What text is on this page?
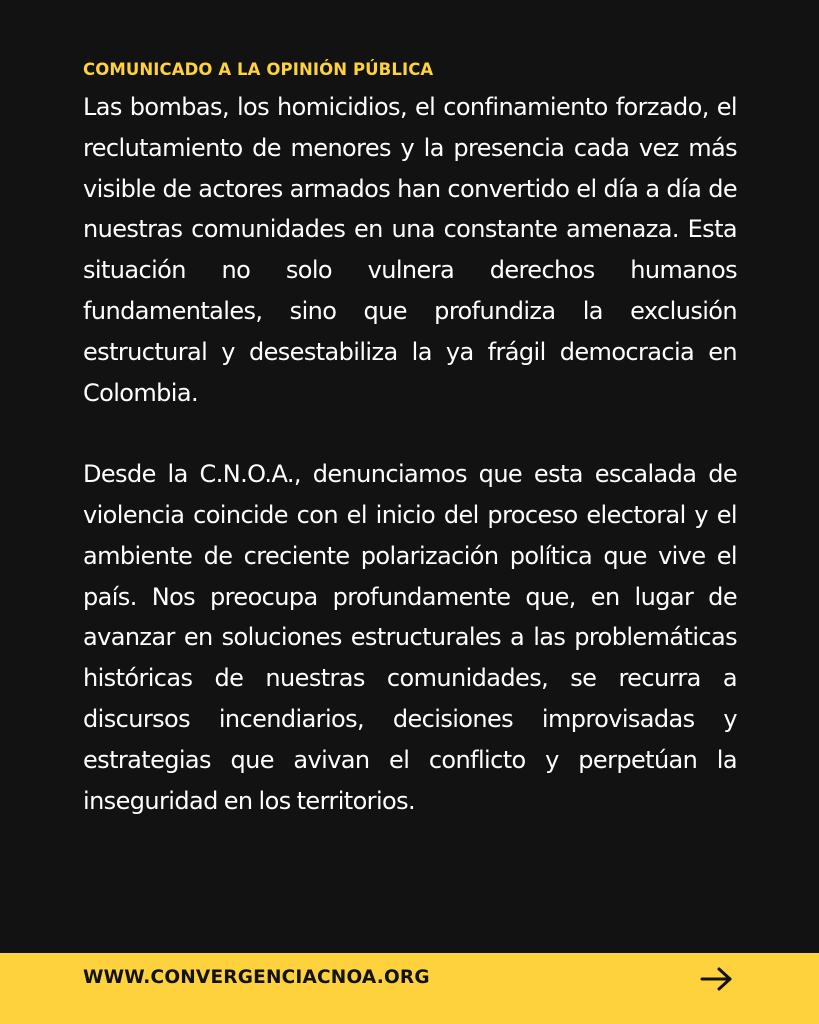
COMUNICADO A LA OPINIÓN PÚBLICA

Las bombas, los homicidios, el confinamiento forzado, el reclutamiento de menores y la presencia cada vez más visible de actores armados han convertido el día a día de nuestras comunidades en una constante amenaza. Esta situación no solo vulnera derechos humanos fundamentales, sino que profundiza la exclusión estructural y desestabiliza la ya frágil democracia en Colombia.

Desde la C.N.O.A., denunciamos que esta escalada de violencia coincide con el inicio del proceso electoral y el ambiente de creciente polarización política que vive el país. Nos preocupa profundamente que, en lugar de avanzar en soluciones estructurales a las problemáticas históricas de nuestras comunidades, se recurra a discursos incendiarios, decisiones improvisadas y estrategias que avivan el conflicto y perpetúan la inseguridad en los territorios.

WWW.CONVERGENCIACNOA.ORG
